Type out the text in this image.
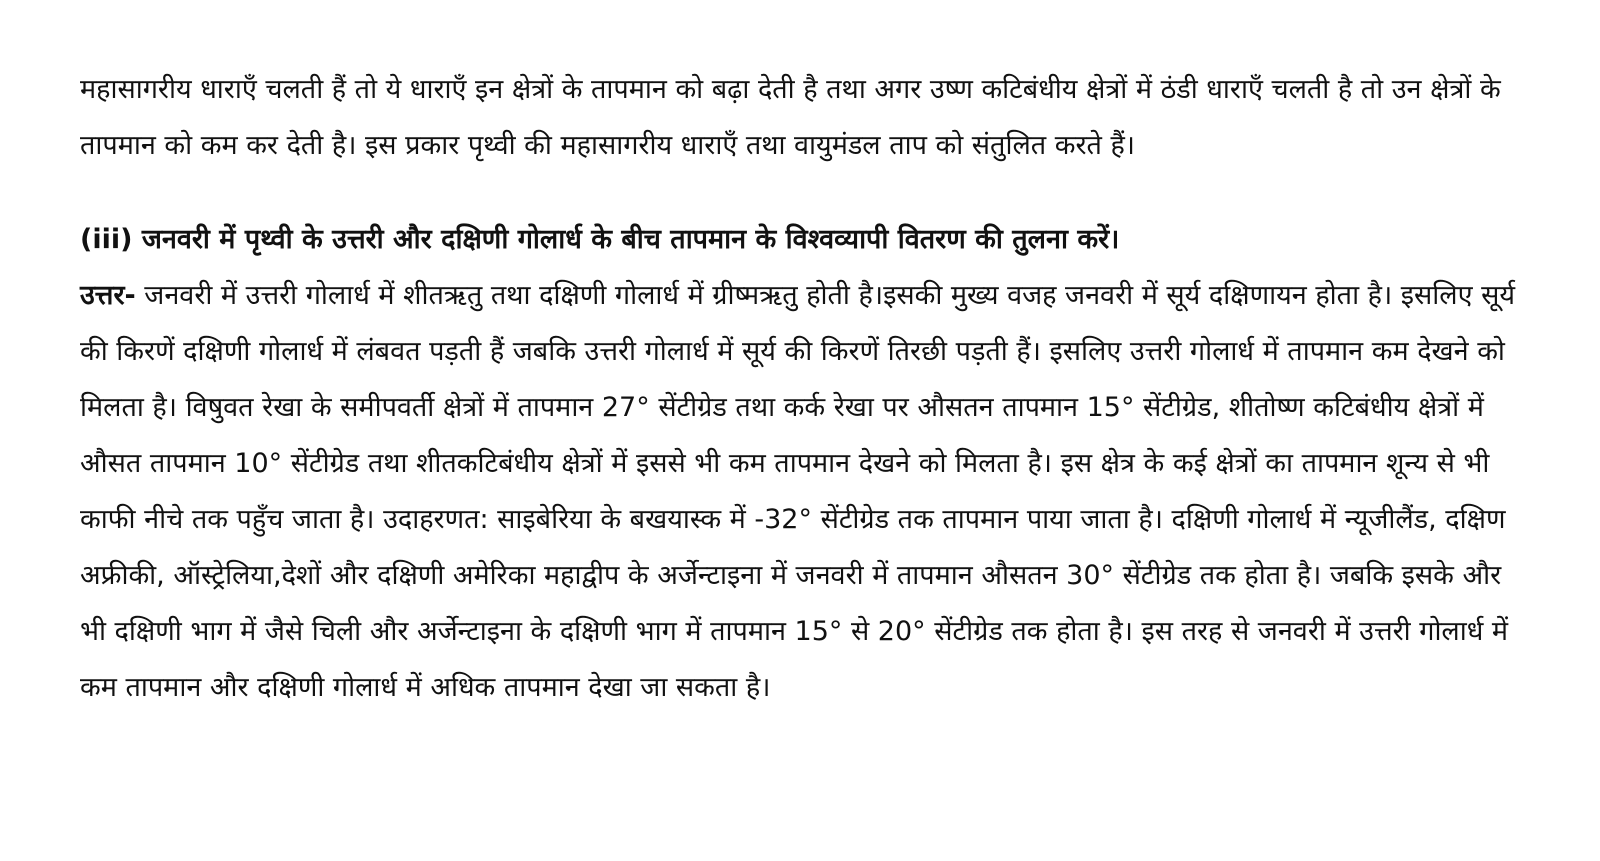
महासागरीय धाराएँ चलती हैं तो ये धाराएँ इन क्षेत्रों के तापमान को बढ़ा देती है तथा अगर उष्ण कटिबंधीय क्षेत्रों में ठंडी धाराएँ चलती है तो उन क्षेत्रों के तापमान को कम कर देती है। इस प्रकार पृथ्वी की महासागरीय धाराएँ तथा वायुमंडल ताप को संतुलित करते हैं।

(iii) जनवरी में पृथ्वी के उत्तरी और दक्षिणी गोलार्ध के बीच तापमान के विश्वव्यापी वितरण की तुलना करें।

उत्तर- जनवरी में उत्तरी गोलार्ध में शीतऋतु तथा दक्षिणी गोलार्ध में ग्रीष्मऋतु होती है।इसकी मुख्य वजह जनवरी में सूर्य दक्षिणायन होता है। इसलिए सूर्य की किरणें दक्षिणी गोलार्ध में लंबवत पड़ती हैं जबकि उत्तरी गोलार्ध में सूर्य की किरणें तिरछी पड़ती हैं। इसलिए उत्तरी गोलार्ध में तापमान कम देखने को मिलता है। विषुवत रेखा के समीपवर्ती क्षेत्रों में तापमान 27° सेंटीग्रेड तथा कर्क रेखा पर औसतन तापमान 15° सेंटीग्रेड, शीतोष्ण कटिबंधीय क्षेत्रों में औसत तापमान 10° सेंटीग्रेड तथा शीतकटिबंधीय क्षेत्रों में इससे भी कम तापमान देखने को मिलता है। इस क्षेत्र के कई क्षेत्रों का तापमान शून्य से भी काफी नीचे तक पहुँच जाता है। उदाहरणत: साइबेरिया के बखयास्क में -32° सेंटीग्रेड तक तापमान पाया जाता है। दक्षिणी गोलार्ध में न्यूजीलैंड, दक्षिण अफ्रीकी, ऑस्ट्रेलिया,देशों और दक्षिणी अमेरिका महाद्वीप के अर्जेन्टाइना में जनवरी में तापमान औसतन 30° सेंटीग्रेड तक होता है। जबकि इसके और भी दक्षिणी भाग में जैसे चिली और अर्जेन्टाइना के दक्षिणी भाग में तापमान 15° से 20° सेंटीग्रेड तक होता है। इस तरह से जनवरी में उत्तरी गोलार्ध में कम तापमान और दक्षिणी गोलार्ध में अधिक तापमान देखा जा सकता है।
